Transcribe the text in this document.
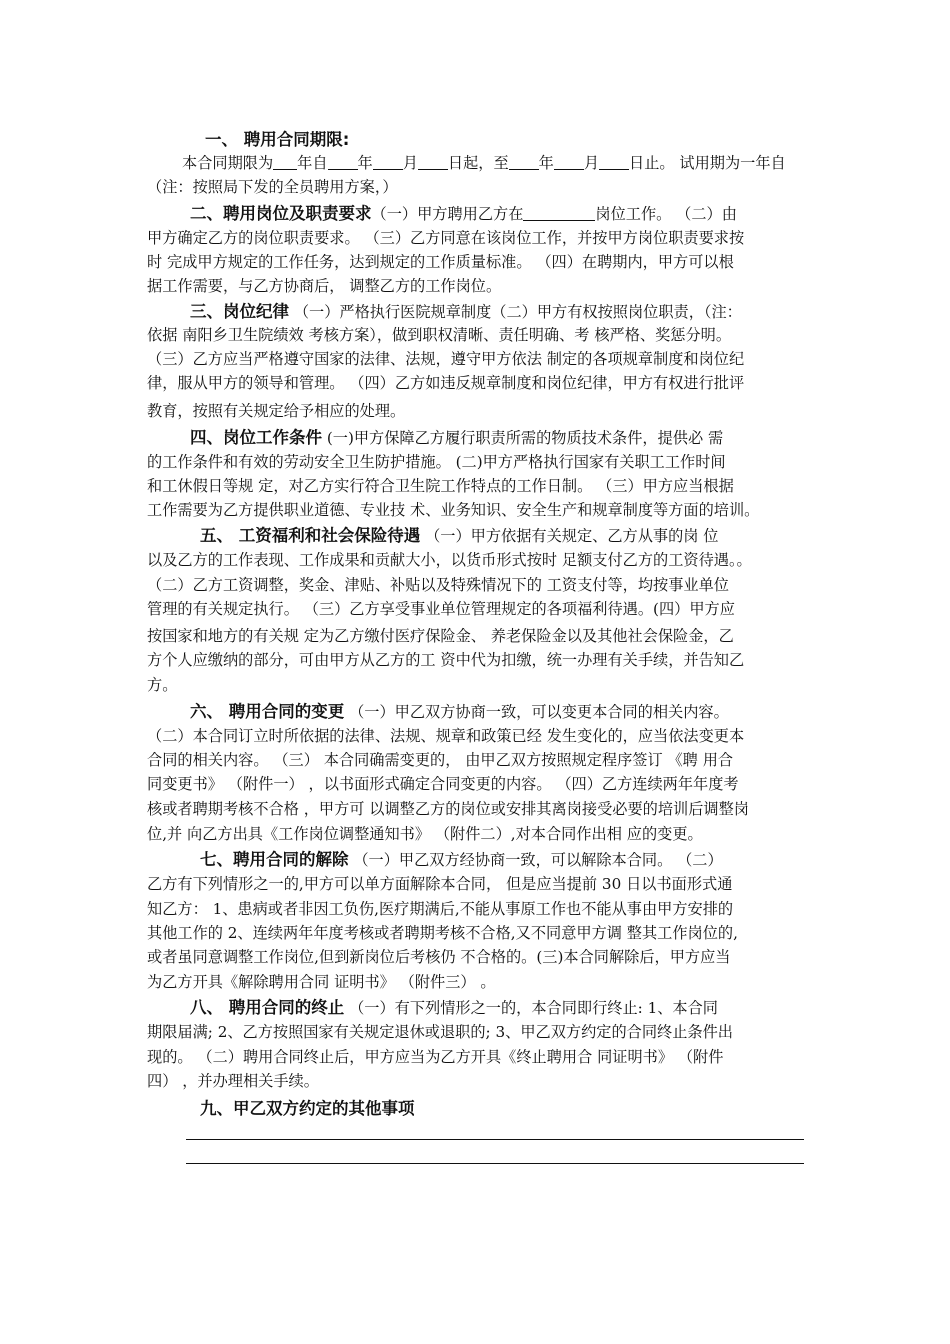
一、 聘用合同期限:
本合同期限为 年自 年 月 日起，至 年 月 日止。 试用期为一年自
（注：按照局下发的全员聘用方案，）
二、聘用岗位及职责要求（一）甲方聘用乙方在	岗位工作。 （二）由
甲方确定乙方的岗位职责要求。 （三）乙方同意在该岗位工作，并按甲方岗位职责要求按
时 完成甲方规定的工作任务，达到规定的工作质量标准。 （四）在聘期内，甲方可以根
据工作需要，与乙方协商后， 调整乙方的工作岗位。
三、岗位纪律 （一）严格执行医院规章制度（二）甲方有权按照岗位职责，（注：
依据 南阳乡卫生院绩效 考核方案），做到职权清晰、责任明确、考 核严格、奖惩分明。
（三）乙方应当严格遵守国家的法律、法规，遵守甲方依法 制定的各项规章制度和岗位纪
律，服从甲方的领导和管理。 （四）乙方如违反规章制度和岗位纪律，甲方有权进行批评
教育，按照有关规定给予相应的处理。
四、岗位工作条件 (一)甲方保障乙方履行职责所需的物质技术条件，提供必 需
的工作条件和有效的劳动安全卫生防护措施。 (二)甲方严格执行国家有关职工工作时间
和工休假日等规 定，对乙方实行符合卫生院工作特点的工作日制。 （三）甲方应当根据
工作需要为乙方提供职业道德、专业技 术、业务知识、安全生产和规章制度等方面的培训。
五、 工资福利和社会保险待遇 （一）甲方依据有关规定、乙方从事的岗 位
以及乙方的工作表现、工作成果和贡献大小，以货币形式按时 足额支付乙方的工资待遇。。
（二）乙方工资调整，奖金、津贴、补贴以及特殊情况下的 工资支付等，均按事业单位
管理的有关规定执行。 （三）乙方享受事业单位管理规定的各项福利待遇。(四）甲方应
按国家和地方的有关规 定为乙方缴付医疗保险金、 养老保险金以及其他社会保险金，乙
方个人应缴纳的部分，可由甲方从乙方的工 资中代为扣缴，统一办理有关手续，并告知乙
方。
六、 聘用合同的变更 （一）甲乙双方协商一致，可以变更本合同的相关内容。
（二）本合同订立时所依据的法律、法规、规章和政策已经 发生变化的，应当依法变更本
合同的相关内容。 （三） 本合同确需变更的， 由甲乙双方按照规定程序签订 《聘 用合
同变更书》 （附件一） ，以书面形式确定合同变更的内容。 （四）乙方连续两年年度考
核或者聘期考核不合格 ，甲方可 以调整乙方的岗位或安排其离岗接受必要的培训后调整岗
位,并 向乙方出具《工作岗位调整通知书》 （附件二）,对本合同作出相 应的变更。
七、聘用合同的解除 （一）甲乙双方经协商一致，可以解除本合同。 （二）
乙方有下列情形之一的,甲方可以单方面解除本合同， 但是应当提前 30 日以书面形式通
知乙方： 1、患病或者非因工负伤,医疗期满后,不能从事原工作也不能从事由甲方安排的
其他工作的 2、连续两年年度考核或者聘期考核不合格,又不同意甲方调 整其工作岗位的,
或者虽同意调整工作岗位,但到新岗位后考核仍 不合格的。(三)本合同解除后，甲方应当
为乙方开具《解除聘用合同 证明书》 （附件三） 。
八、 聘用合同的终止 （一）有下列情形之一的，本合同即行终止: 1、本合同
期限届满; 2、乙方按照国家有关规定退休或退职的; 3、甲乙双方约定的合同终止条件出
现的。 （二）聘用合同终止后，甲方应当为乙方开具《终止聘用合 同证明书》 （附件
四） ，并办理相关手续。
九、甲乙双方约定的其他事项
